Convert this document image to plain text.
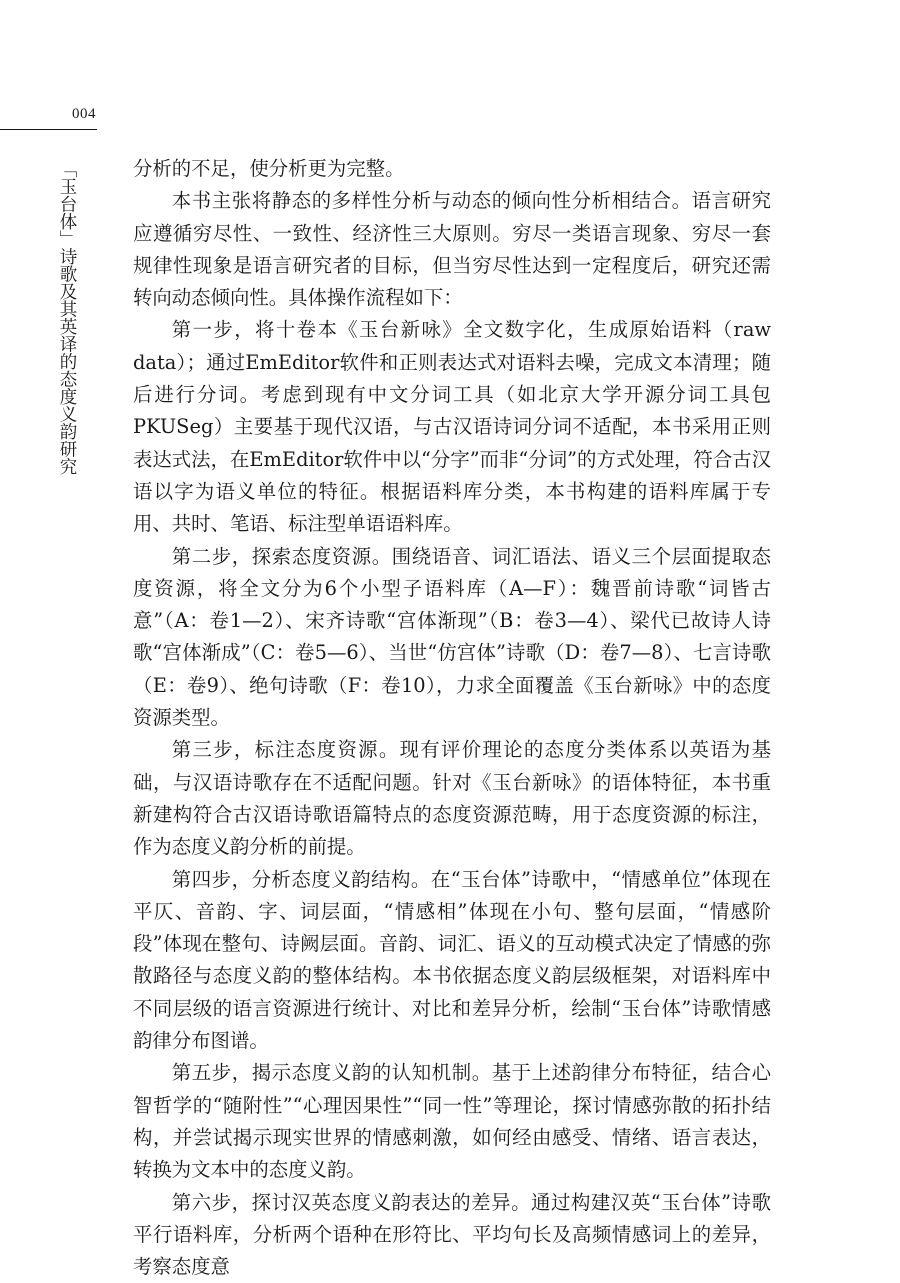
004
「玉台体」诗歌及其英译的态度义韵研究	分析的不足，使分析更为完整。

本书主张将静态的多样性分析与动态的倾向性分析相结合。语言研究应遵循穷尽性、一致性、经济性三大原则。穷尽一类语言现象、穷尽一套规律性现象是语言研究者的目标，但当穷尽性达到一定程度后，研究还需转向动态倾向性。具体操作流程如下：

第一步，将十卷本《玉台新咏》全文数字化，生成原始语料（raw data）；通过EmEditor软件和正则表达式对语料去噪，完成文本清理；随后进行分词。考虑到现有中文分词工具（如北京大学开源分词工具包PKUSeg）主要基于现代汉语，与古汉语诗词分词不适配，本书采用正则表达式法，在EmEditor软件中以“分字”而非“分词”的方式处理，符合古汉语以字为语义单位的特征。根据语料库分类，本书构建的语料库属于专用、共时、笔语、标注型单语语料库。

第二步，探索态度资源。围绕语音、词汇语法、语义三个层面提取态度资源，将全文分为6个小型子语料库（A—F）：魏晋前诗歌“词皆古意”（A：卷1—2）、宋齐诗歌“宫体渐现”（B：卷3—4）、梁代已故诗人诗歌“宫体渐成”（C：卷5—6）、当世“仿宫体”诗歌（D：卷7—8）、七言诗歌（E：卷9）、绝句诗歌（F：卷10），力求全面覆盖《玉台新咏》中的态度资源类型。

第三步，标注态度资源。现有评价理论的态度分类体系以英语为基础，与汉语诗歌存在不适配问题。针对《玉台新咏》的语体特征，本书重新建构符合古汉语诗歌语篇特点的态度资源范畴，用于态度资源的标注，作为态度义韵分析的前提。

第四步，分析态度义韵结构。在“玉台体”诗歌中，“情感单位”体现在平仄、音韵、字、词层面，“情感相”体现在小句、整句层面，“情感阶段”体现在整句、诗阙层面。音韵、词汇、语义的互动模式决定了情感的弥散路径与态度义韵的整体结构。本书依据态度义韵层级框架，对语料库中不同层级的语言资源进行统计、对比和差异分析，绘制“玉台体”诗歌情感韵律分布图谱。

第五步，揭示态度义韵的认知机制。基于上述韵律分布特征，结合心智哲学的“随附性”“心理因果性”“同一性”等理论，探讨情感弥散的拓扑结构，并尝试揭示现实世界的情感刺激，如何经由感受、情绪、语言表达，转换为文本中的态度义韵。

第六步，探讨汉英态度义韵表达的差异。通过构建汉英“玉台体”诗歌平行语料库，分析两个语种在形符比、平均句长及高频情感词上的差异，考察态度意
